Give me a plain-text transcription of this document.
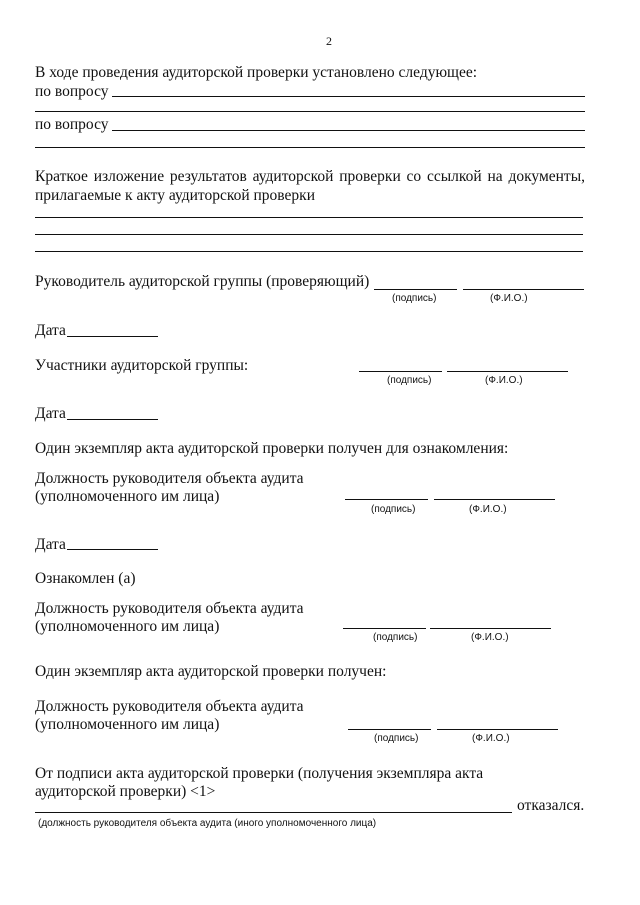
2
В ходе проведения аудиторской проверки установлено следующее:
по вопросу
по вопросу
Краткое изложение результатов аудиторской проверки со ссылкой на документы,
прилагаемые к акту аудиторской проверки
Руководитель аудиторской группы (проверяющий)
(подпись)	(Ф.И.О.)
Дата
Участники аудиторской группы:
(подпись)	(Ф.И.О.)
Дата
Один экземпляр акта аудиторской проверки получен для ознакомления:
Должность руководителя объекта аудита
(уполномоченного им лица)
(подпись)	(Ф.И.О.)
Дата
Ознакомлен (а)
Должность руководителя объекта аудита
(уполномоченного им лица)
(подпись)	(Ф.И.О.)
Один экземпляр акта аудиторской проверки получен:
Должность руководителя объекта аудита
(уполномоченного им лица)
(подпись)	(Ф.И.О.)
От подписи акта аудиторской проверки (получения экземпляра акта
аудиторской проверки) <1>
отказался.
(должность руководителя объекта аудита (иного уполномоченного лица)
